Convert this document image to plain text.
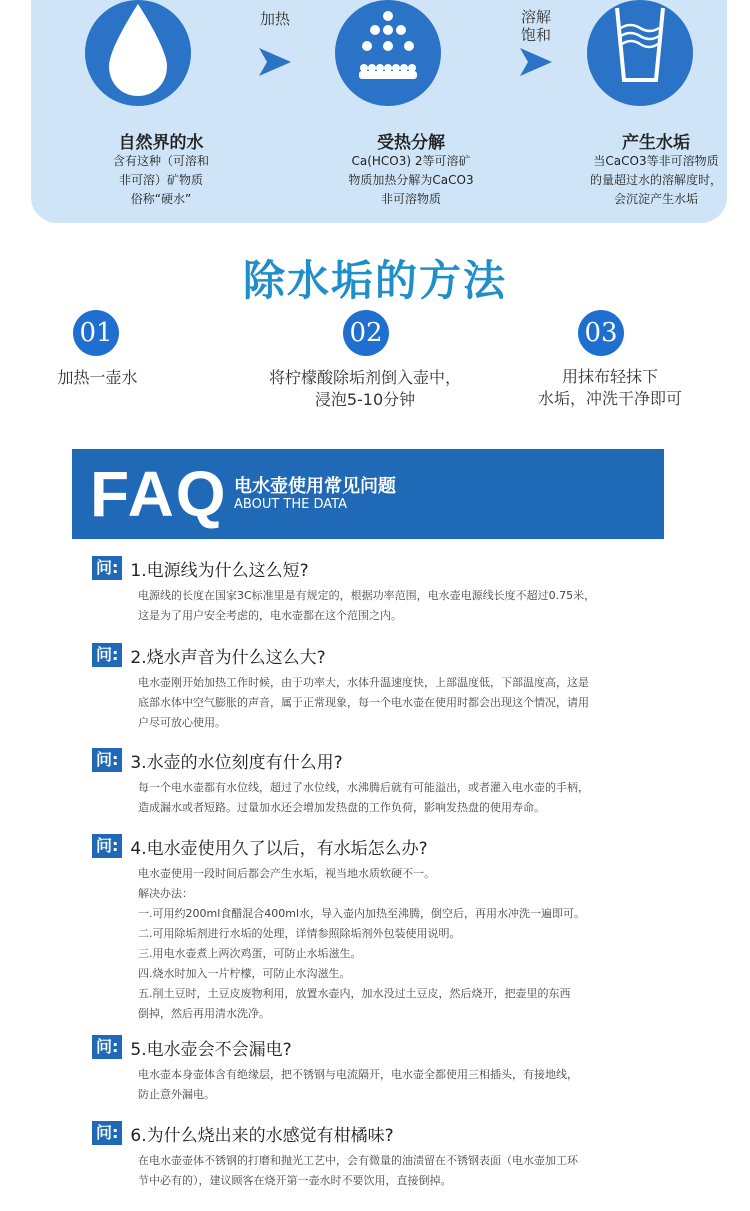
加热	溶解
饱和
自然界的水
含有这种（可溶和
非可溶）矿物质
俗称“硬水”
受热分解
Ca(HCO3) 2等可溶矿
物质加热分解为CaCO3
非可溶物质
产生水垢
当CaCO3等非可溶物质
的量超过水的溶解度时，
会沉淀产生水垢
除水垢的方法
01	02	03
加热一壶水	将柠檬酸除垢剂倒入壶中，
浸泡5-10分钟
用抹布轻抹下
水垢，冲洗干净即可
FAQ 电水壶使用常见问题
ABOUT THE DATA
问: 1.电源线为什么这么短?
电源线的长度在国家3C标准里是有规定的，根据功率范围，电水壶电源线长度不超过0.75米，
这是为了用户安全考虑的，电水壶都在这个范围之内。
问: 2.烧水声音为什么这么大?
电水壶刚开始加热工作时候，由于功率大，水体升温速度快，上部温度低，下部温度高，这是
底部水体中空气膨胀的声音，属于正常现象，每一个电水壶在使用时都会出现这个情况，请用
户尽可放心使用。
问: 3.水壶的水位刻度有什么用?
每一个电水壶都有水位线，超过了水位线，水沸腾后就有可能溢出，或者灌入电水壶的手柄，
造成漏水或者短路。过量加水还会增加发热盘的工作负荷，影响发热盘的使用寿命。
问: 4.电水壶使用久了以后，有水垢怎么办?
电水壶使用一段时间后都会产生水垢，视当地水质软硬不一。
解决办法：
一.可用约200ml食醋混合400ml水，导入壶内加热至沸腾，倒空后，再用水冲洗一遍即可。
二.可用除垢剂进行水垢的处理，详情参照除垢剂外包装使用说明。
三.用电水壶煮上两次鸡蛋，可防止水垢滋生。
四.烧水时加入一片柠檬，可防止水沟滋生。
五.削土豆时，土豆皮废物利用，放置水壶内，加水没过土豆皮，然后烧开，把壶里的东西
倒掉，然后再用清水洗净。
问: 5.电水壶会不会漏电?
电水壶本身壶体含有绝缘层，把不锈钢与电流隔开，电水壶全都使用三相插头，有接地线，
防止意外漏电。
问: 6.为什么烧出来的水感觉有柑橘味?
在电水壶壶体不锈钢的打磨和抛光工艺中，会有微量的油渍留在不锈钢表面（电水壶加工环
节中必有的），建议顾客在烧开第一壶水时不要饮用，直接倒掉。
